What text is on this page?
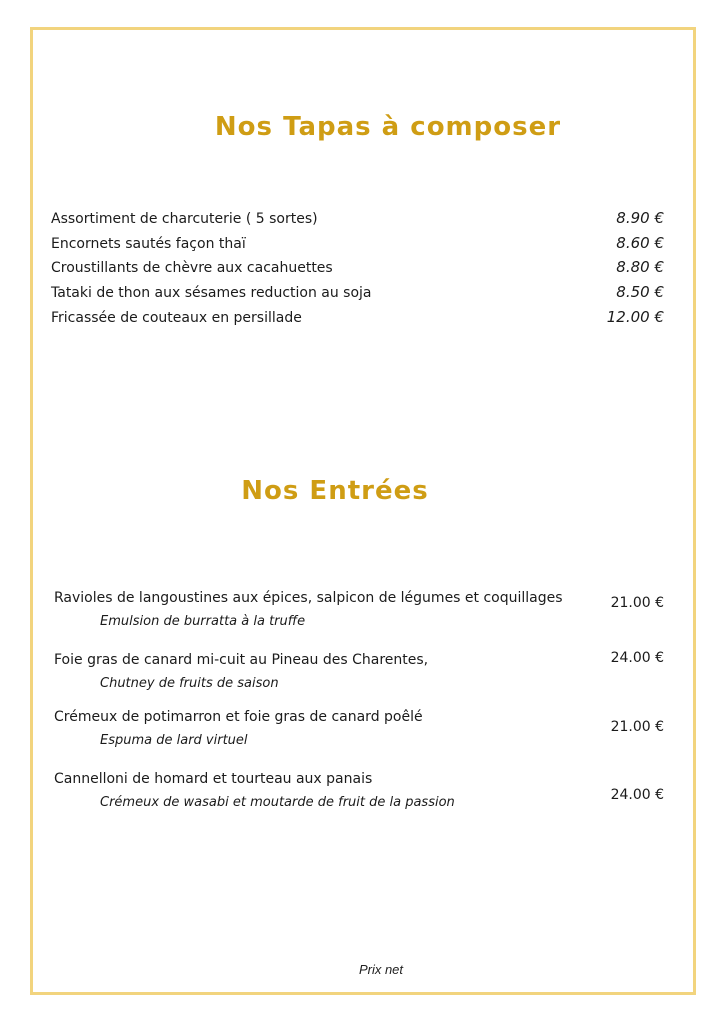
Nos Tapas à composer
Assortiment de charcuterie ( 5 sortes)	8.90 €
Encornets sautés façon thaï	8.60 €
Croustillants de chèvre aux cacahuettes	8.80 €
Tataki de thon aux sésames reduction au soja	8.50 €
Fricassée de couteaux en persillade	12.00 €
Nos Entrées
Ravioles de langoustines aux épices, salpicon de légumes et coquillages
Emulsion de burratta à la truffe
21.00 €
Foie gras de canard mi-cuit au Pineau des Charentes,
Chutney de fruits de saison
24.00 €
Crémeux de potimarron et foie gras de canard poêlé
Espuma de lard virtuel
21.00 €
Cannelloni de homard et tourteau aux panais
Crémeux de wasabi et moutarde de fruit de la passion	24.00 €
Prix net
